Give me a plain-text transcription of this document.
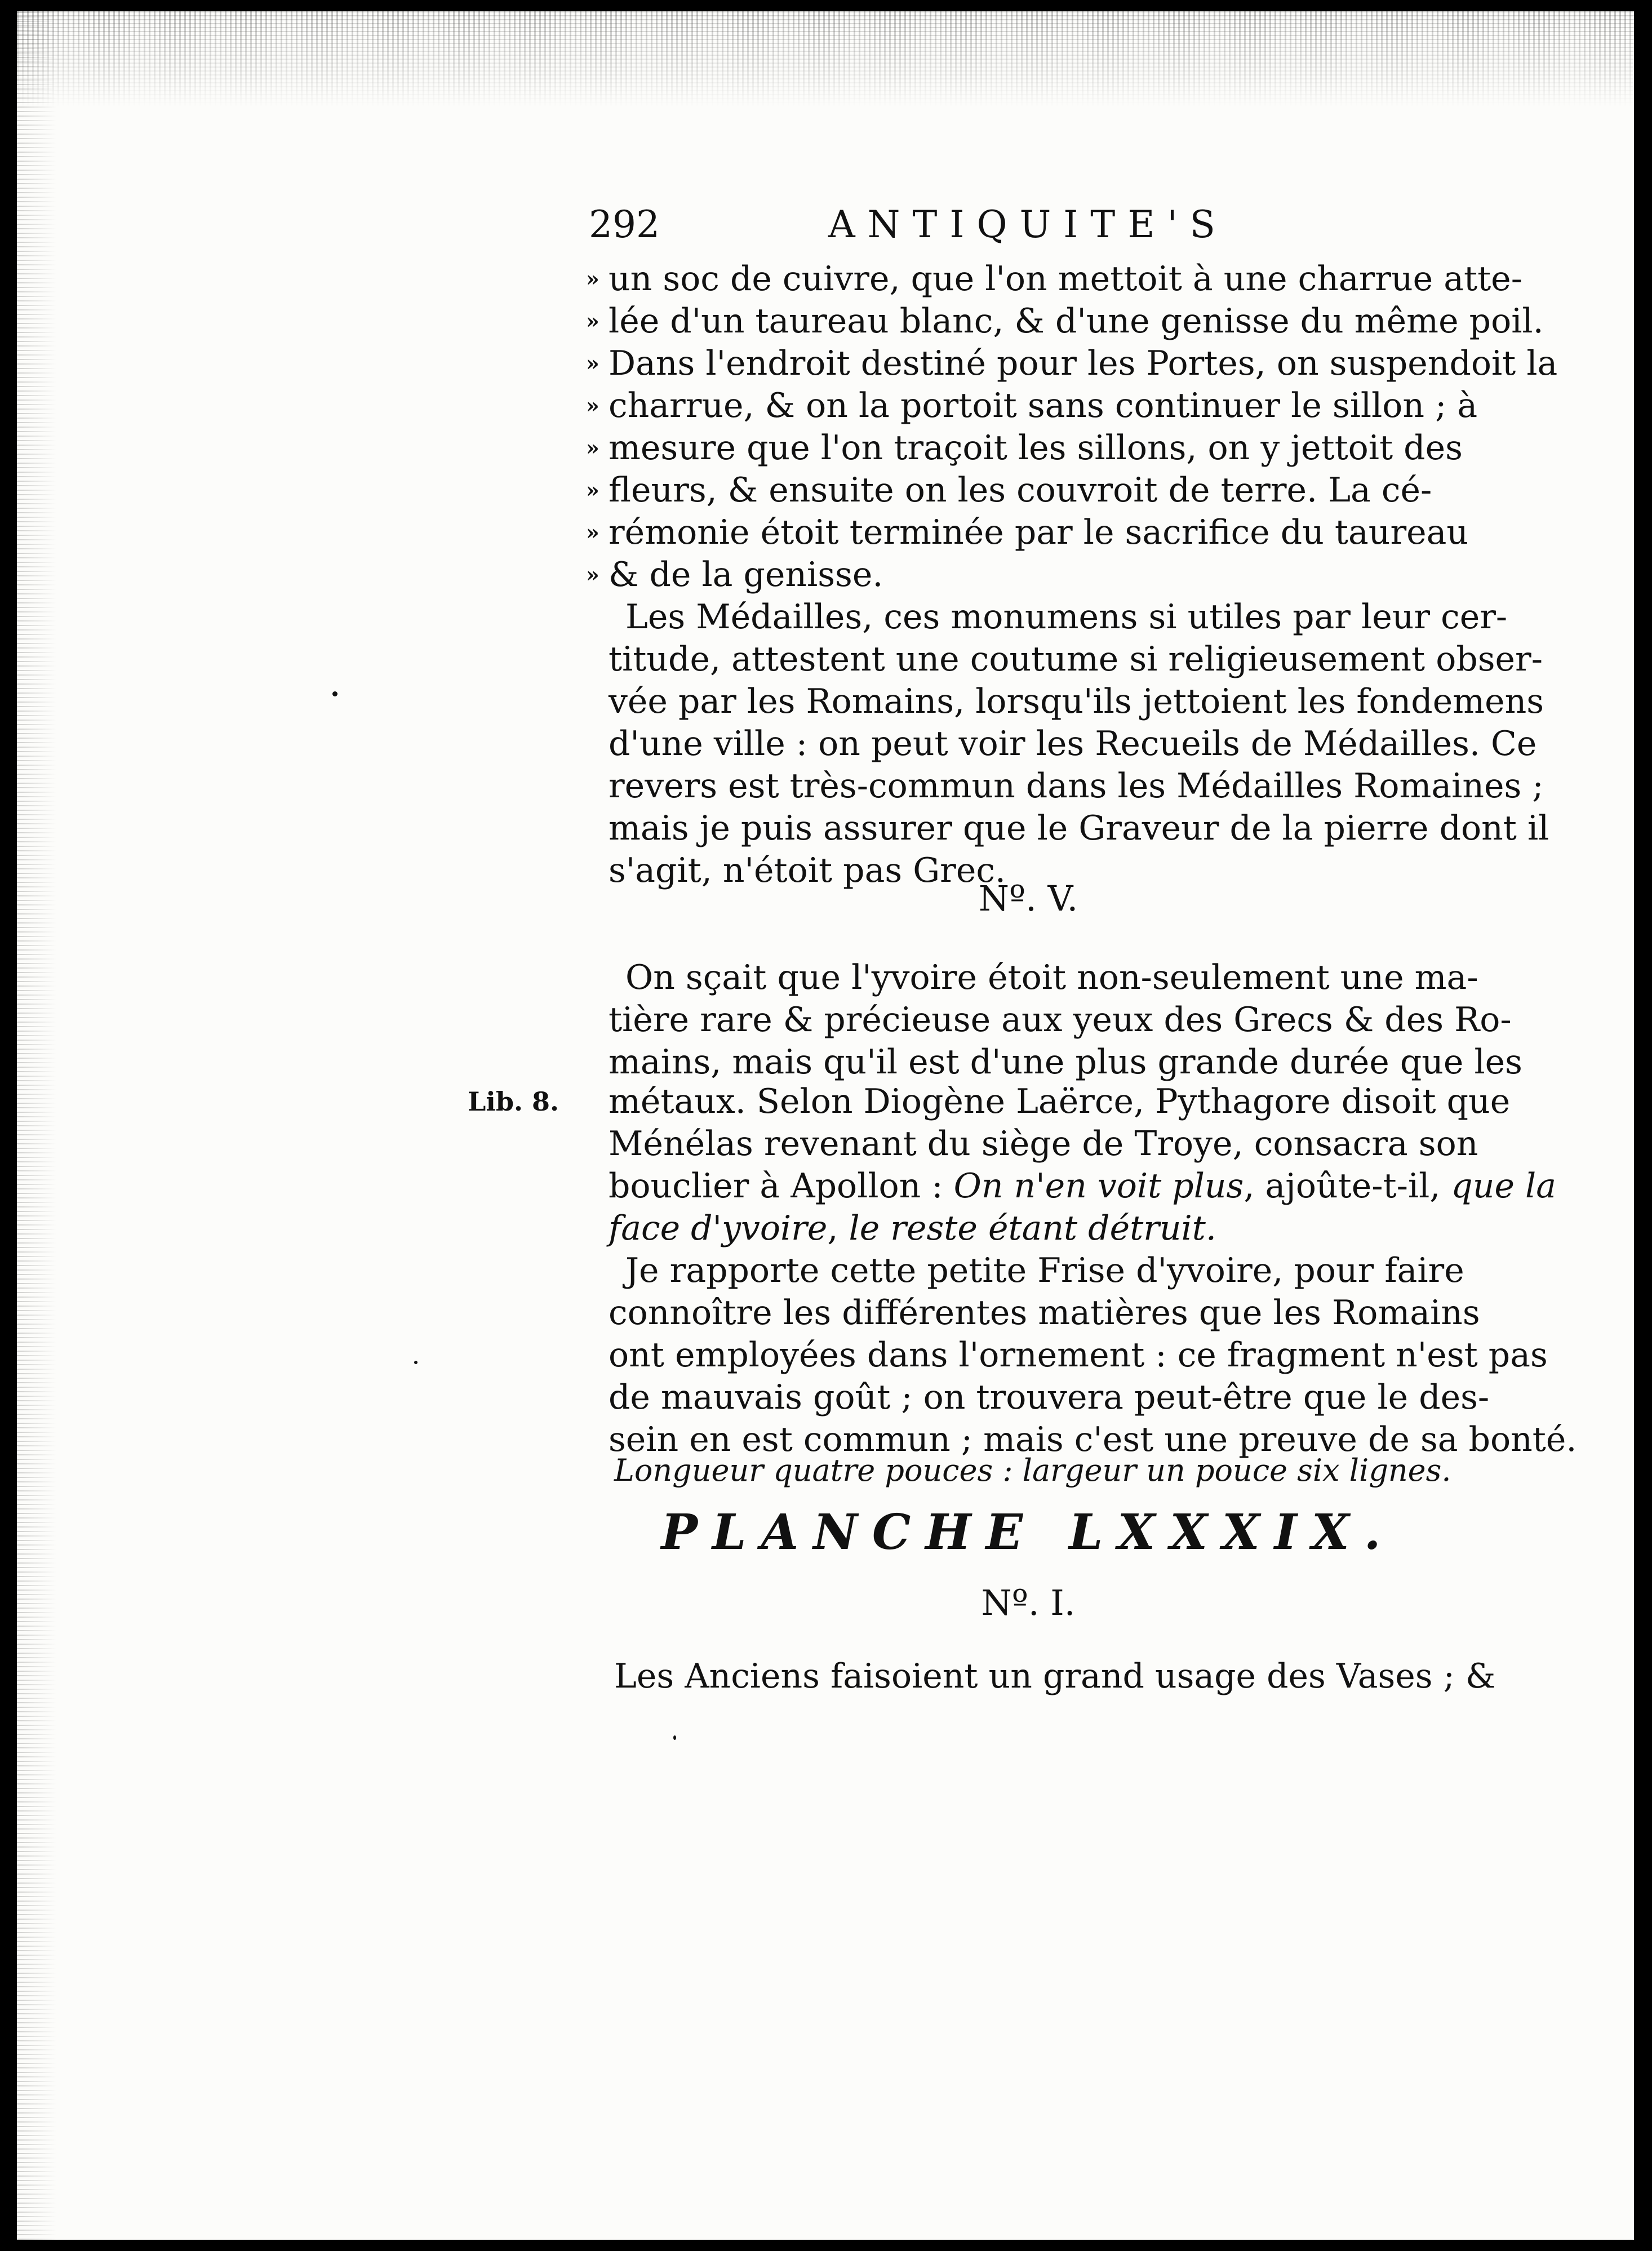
292	ANTIQUITE'S
» un soc de cuivre, que l'on mettoit à une charrue atte-
» lée d'un taureau blanc, & d'une genisse du même poil.
» Dans l'endroit destiné pour les Portes, on suspendoit la
» charrue, & on la portoit sans continuer le sillon ; à
» mesure que l'on traçoit les sillons, on y jettoit des
» fleurs, & ensuite on les couvroit de terre. La cé-
» rémonie étoit terminée par le sacrifice du taureau
» & de la genisse.
Les Médailles, ces monumens si utiles par leur cer-
titude, attestent une coutume si religieusement obser-
vée par les Romains, lorsqu'ils jettoient les fondemens
d'une ville : on peut voir les Recueils de Médailles. Ce
revers est très-commun dans les Médailles Romaines ;
mais je puis assurer que le Graveur de la pierre dont il
s'agit, n'étoit pas Grec.
Nº. V.
On sçait que l'yvoire étoit non-seulement une ma-
tière rare & précieuse aux yeux des Grecs & des Ro-
mains, mais qu'il est d'une plus grande durée que les
Lib. 8. métaux. Selon Diogène Laërce, Pythagore disoit que
Ménélas revenant du siège de Troye, consacra son
bouclier à Apollon : On n'en voit plus, ajoûte-t-il, que la
face d'yvoire, le reste étant détruit.
Je rapporte cette petite Frise d'yvoire, pour faire
connoître les différentes matières que les Romains
ont employées dans l'ornement : ce fragment n'est pas
de mauvais goût ; on trouvera peut-être que le des-
sein en est commun ; mais c'est une preuve de sa bonté.
Longueur quatre pouces : largeur un pouce six lignes.
PLANCHE LXXXIX.
Nº. I.
Les Anciens faisoient un grand usage des Vases ; &
